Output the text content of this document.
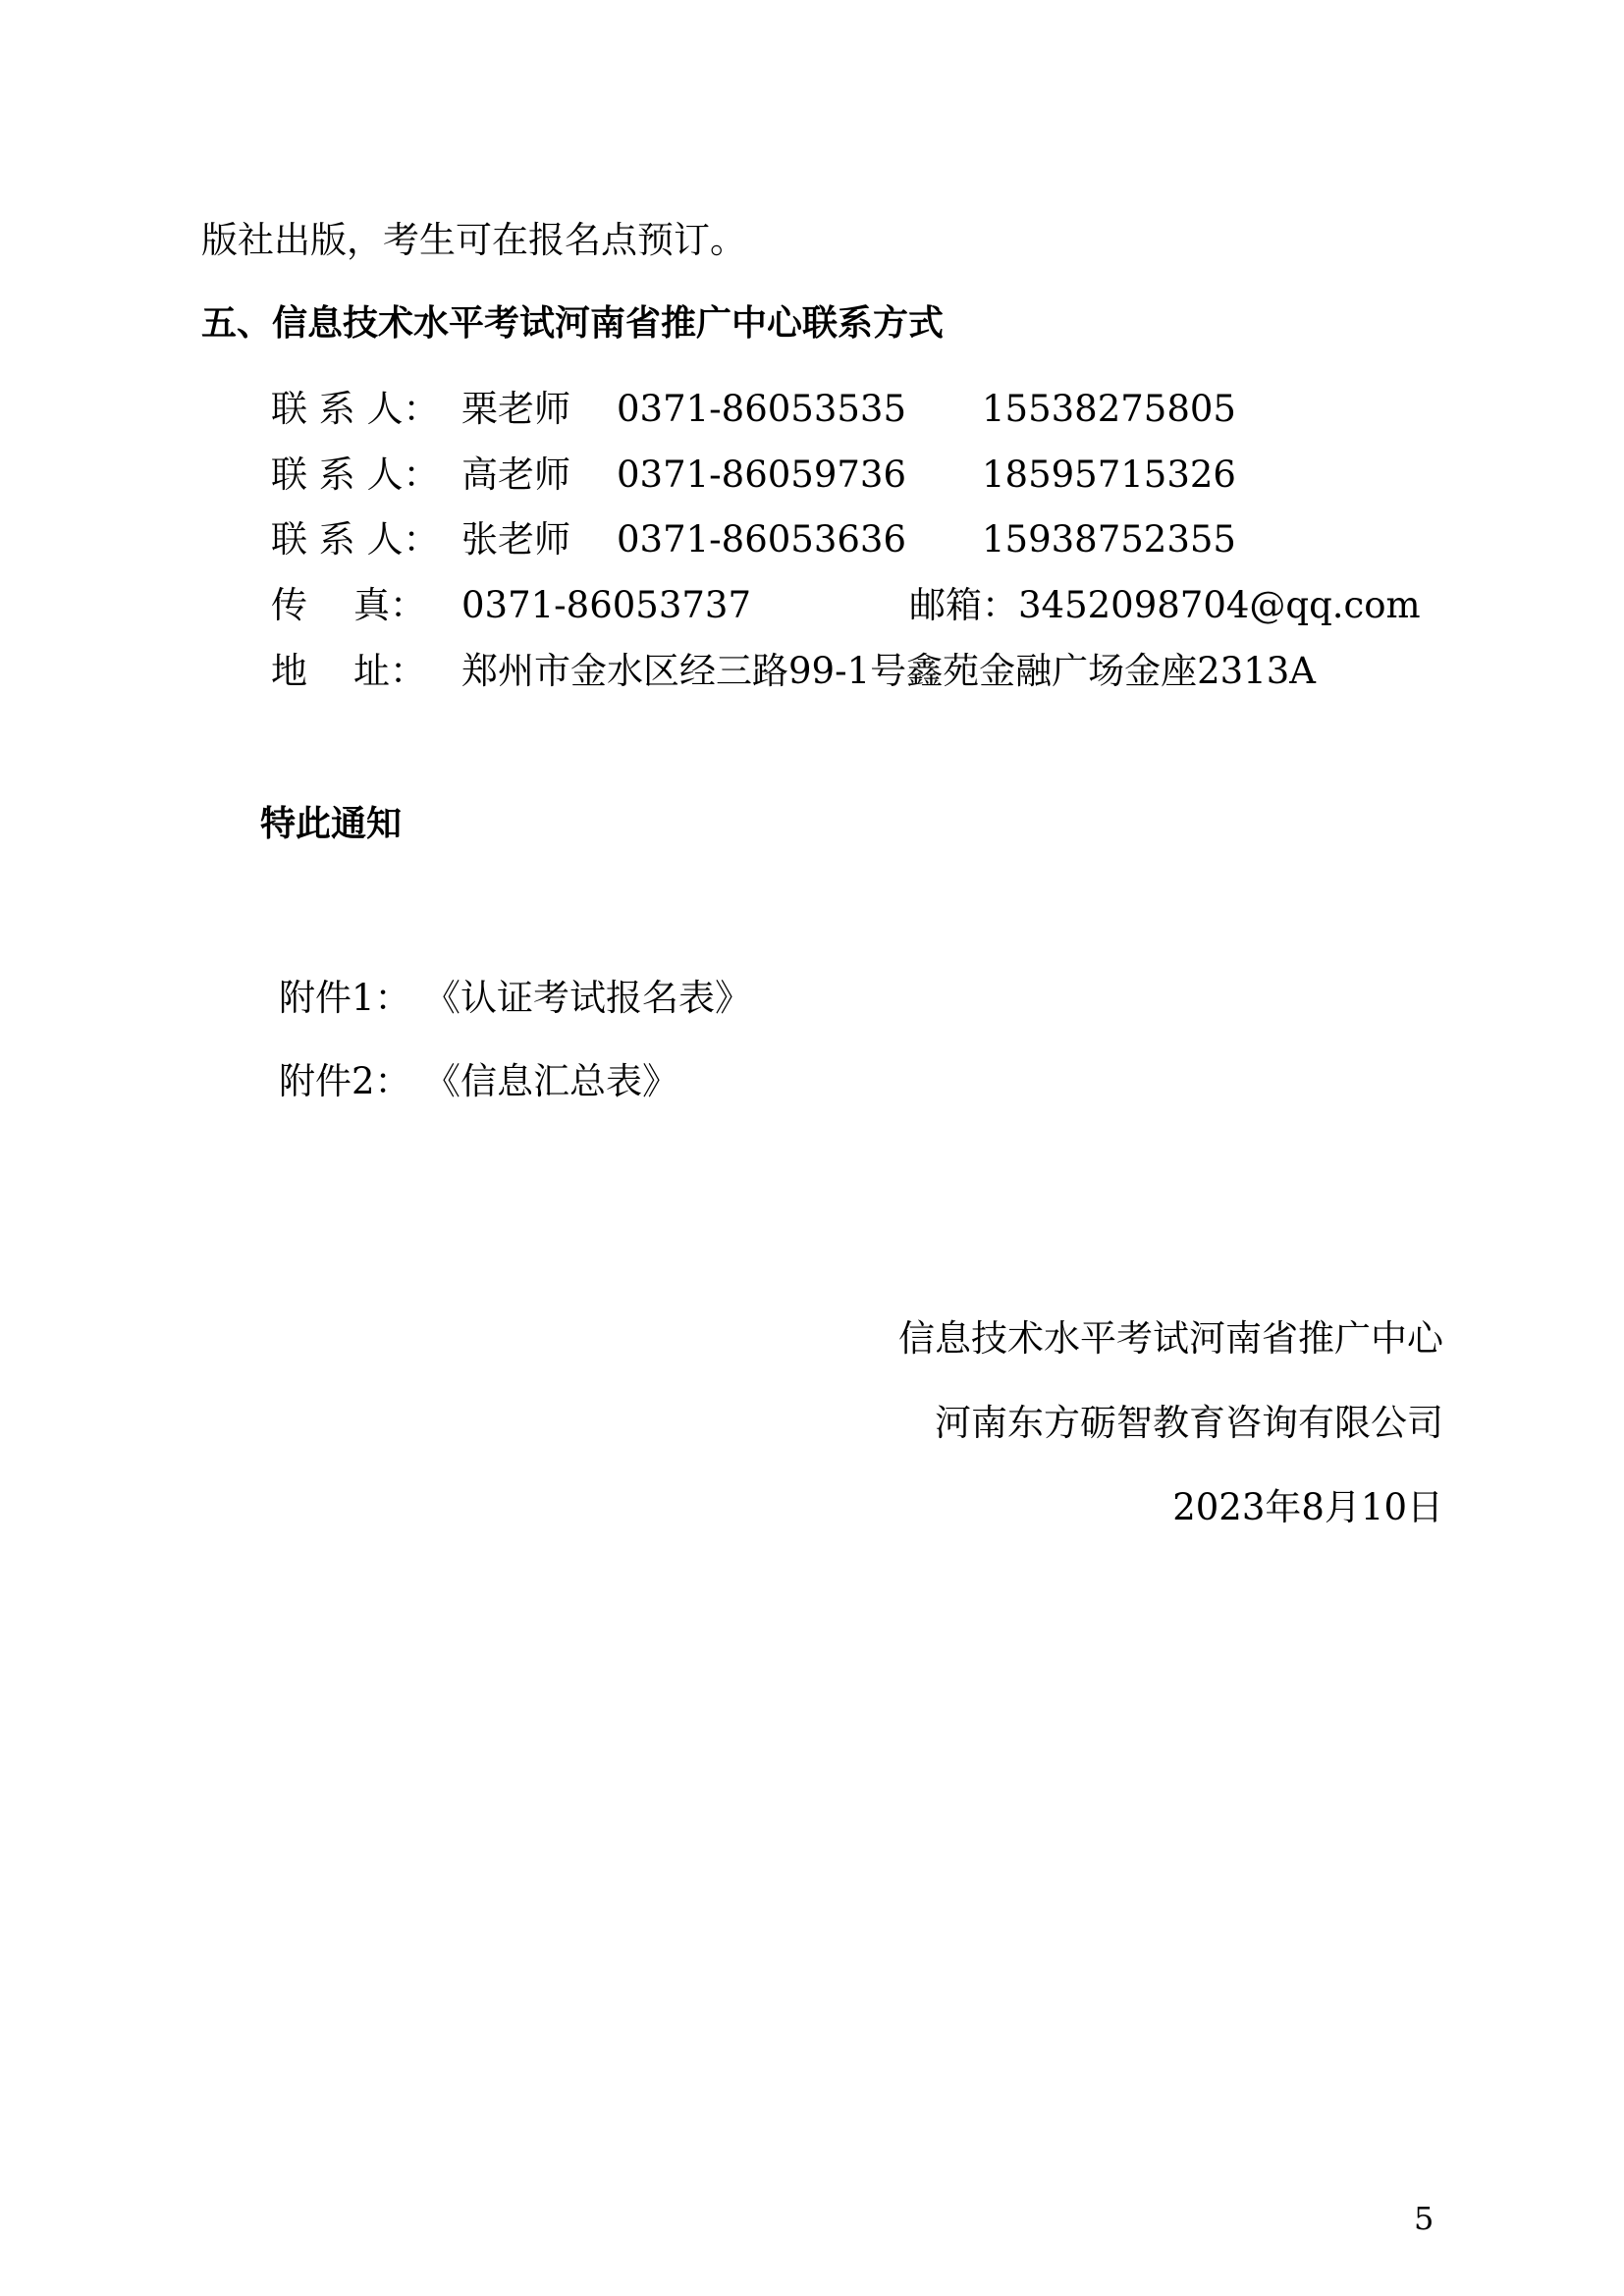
版社出版，考生可在报名点预订。
五、信息技术水平考试河南省推广中心联系方式
联 系 人： 栗老师 0371-86053535 15538275805
联 系 人： 高老师 0371-86059736 18595715326
联 系 人： 张老师 0371-86053636 15938752355
传    真： 0371-86053737	邮箱： 3452098704@qq.com
地    址： 郑州市金水区经三路99-1号鑫苑金融广场金座2313A
特此通知
附件1： 《认证考试报名表》
附件2： 《信息汇总表》
信息技术水平考试河南省推广中心
河南东方砺智教育咨询有限公司
2023年8月10日
5
